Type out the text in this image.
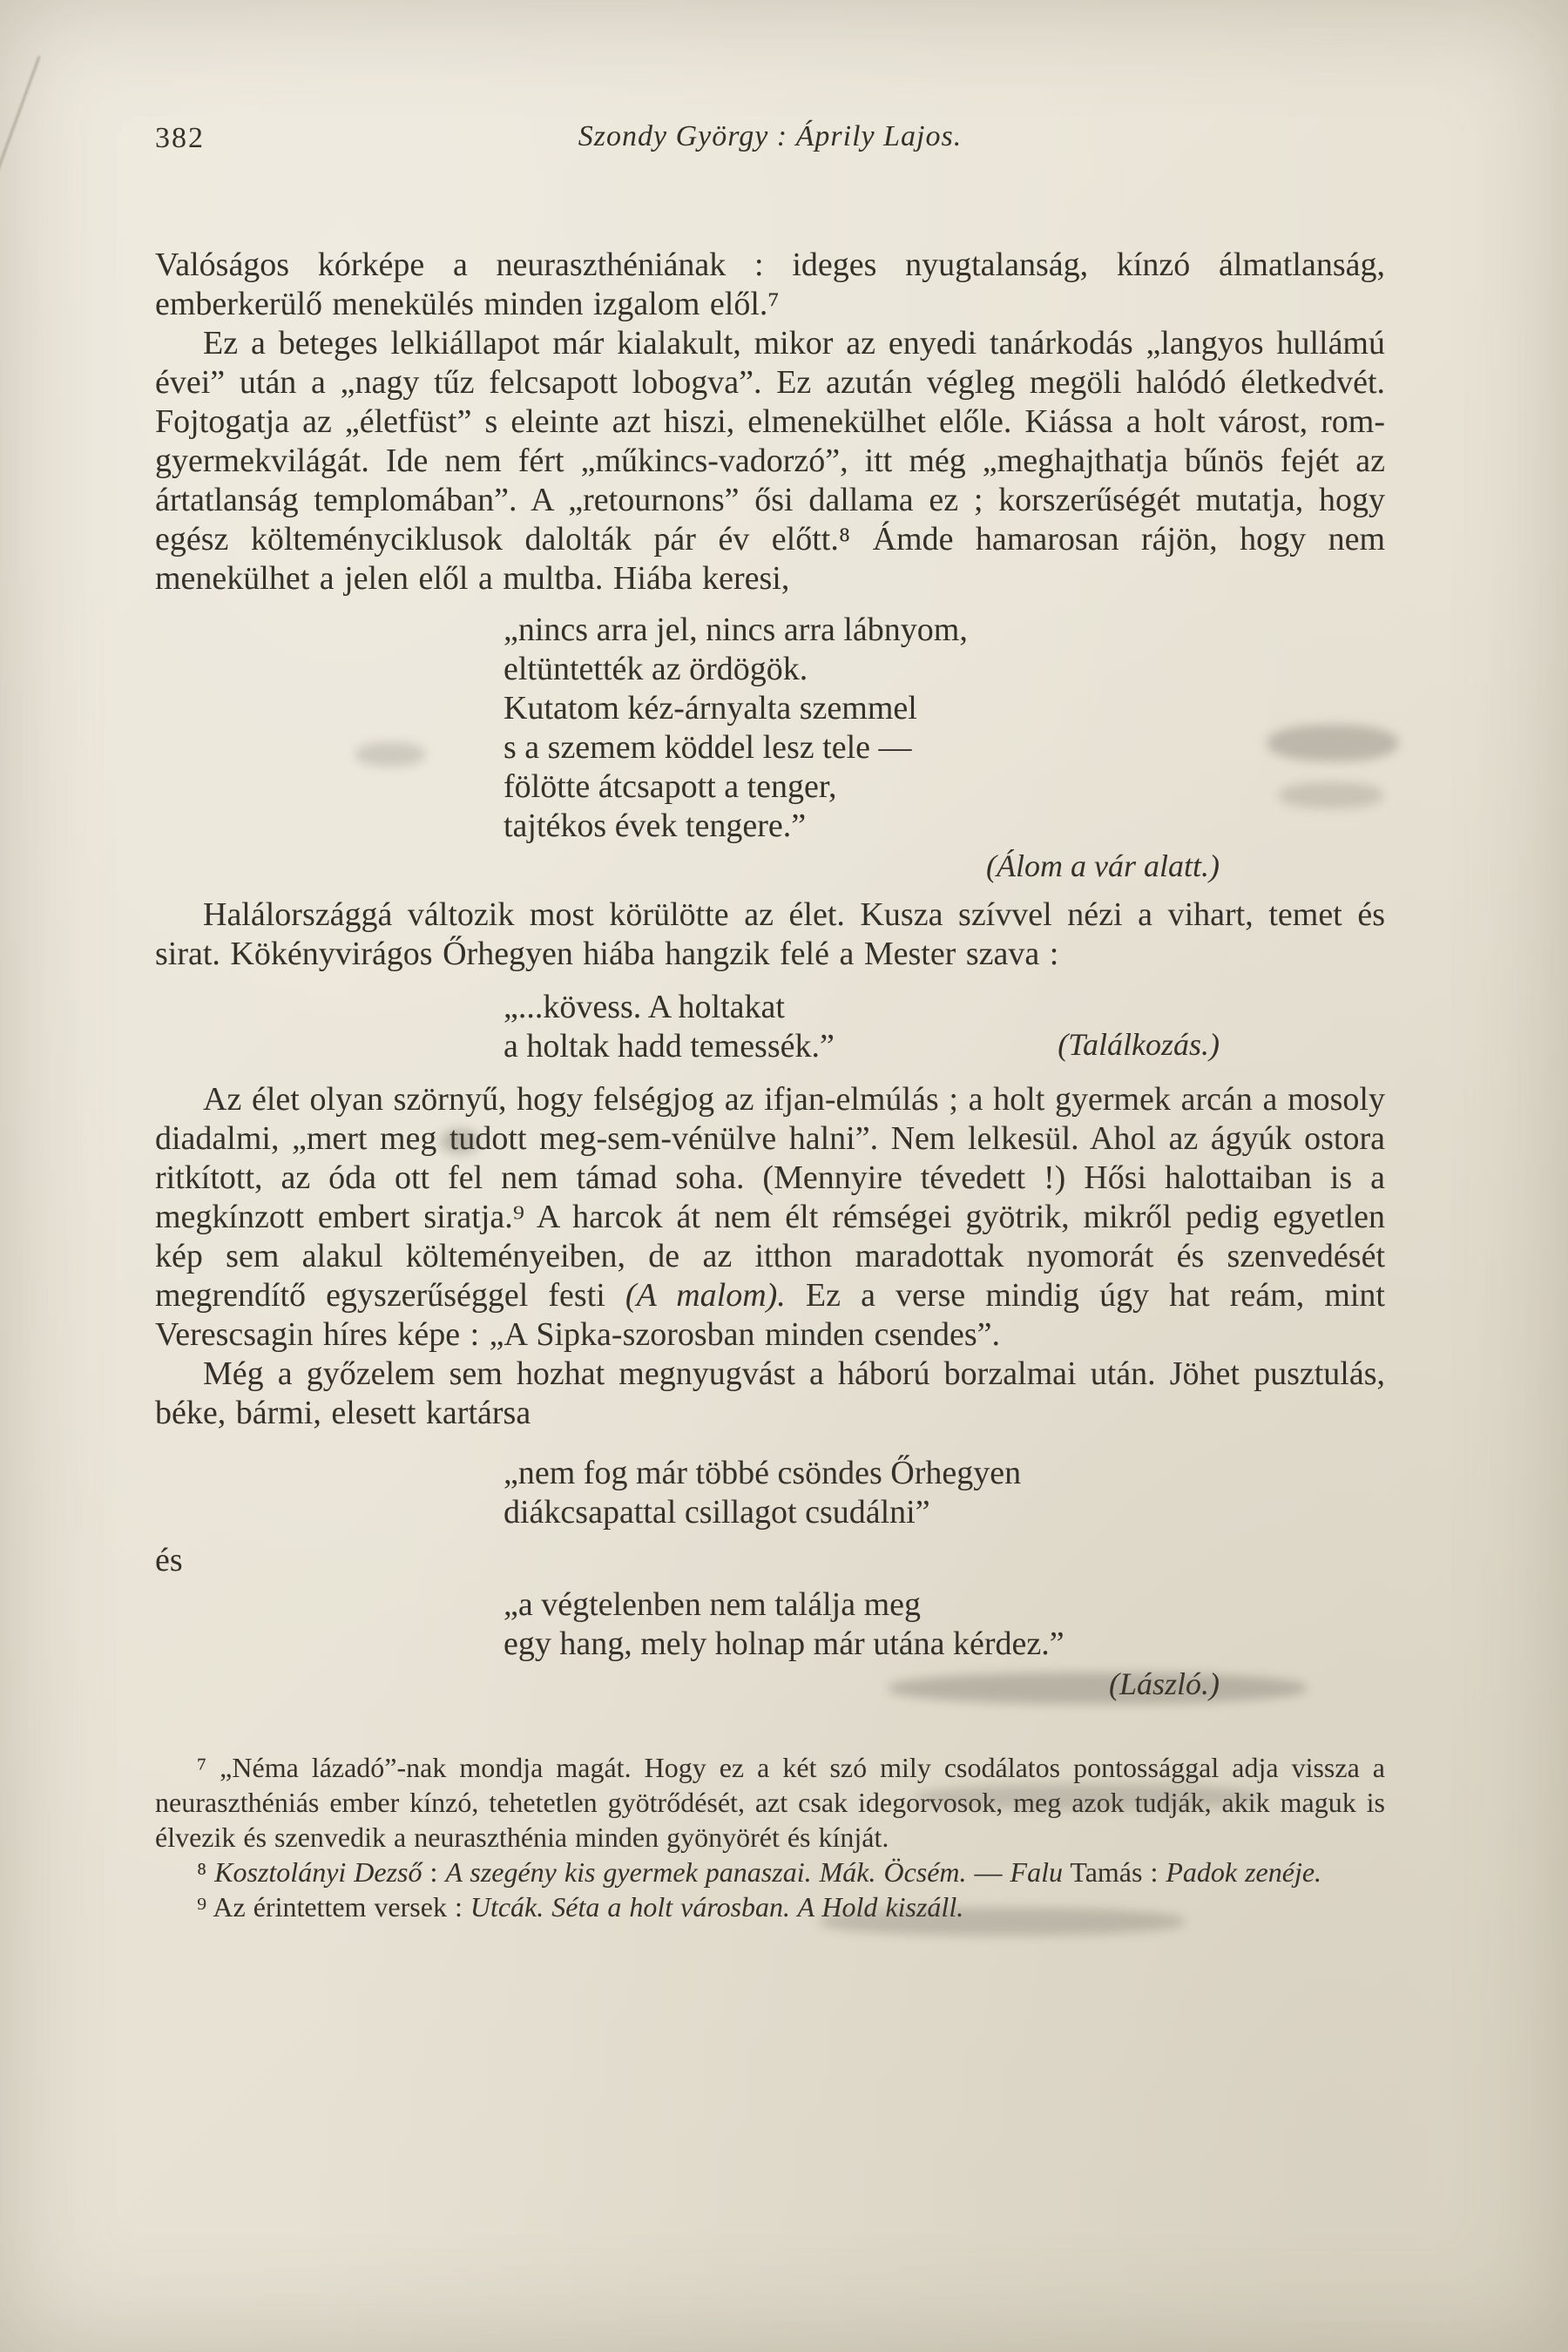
382	Szondy György : Áprily Lajos.

Valóságos kórképe a neuraszthéniának : ideges nyugtalanság, kínzó álmatlanság, emberkerülő menekülés minden izgalom elől.⁷

Ez a beteges lelkiállapot már kialakult, mikor az enyedi tanárkodás „langyos hullámú évei” után a „nagy tűz felcsapott lobogva”. Ez azután végleg megöli halódó életkedvét. Fojtogatja az „életfüst” s eleinte azt hiszi, elmenekülhet előle. Kiássa a holt várost, rom-gyermekvilágát. Ide nem fért „műkincs-vadorzó”, itt még „meghajthatja bűnös fejét az ártatlanság templomában”. A „retournons” ősi dallama ez ; korszerűségét mutatja, hogy egész költeményciklusok dalolták pár év előtt.⁸ Ámde hamarosan rájön, hogy nem menekülhet a jelen elől a multba. Hiába keresi,

„nincs arra jel, nincs arra lábnyom,
eltüntették az ördögök.
Kutatom kéz-árnyalta szemmel
s a szemem köddel lesz tele —
fölötte átcsapott a tenger,
tajtékos évek tengere.”
(Álom a vár alatt.)

Halálországgá változik most körülötte az élet. Kusza szívvel nézi a vihart, temet és sirat. Kökényvirágos Őrhegyen hiába hangzik felé a Mester szava :

„...kövess. A holtakat
a holtak hadd temessék.”	(Találkozás.)

Az élet olyan szörnyű, hogy felségjog az ifjan-elmúlás ; a holt gyermek arcán a mosoly diadalmi, „mert meg tudott meg-sem-vénülve halni”. Nem lelkesül. Ahol az ágyúk ostora ritkított, az óda ott fel nem támad soha. (Mennyire tévedett !) Hősi halottaiban is a megkínzott embert siratja.⁹ A harcok át nem élt rémségei gyötrik, mikről pedig egyetlen kép sem alakul költeményeiben, de az itthon maradottak nyomorát és szenvedését megrendítő egyszerűséggel festi (A malom). Ez a verse mindig úgy hat reám, mint Verescsagin híres képe : „A Sipka-szorosban minden csendes”.

Még a győzelem sem hozhat megnyugvást a háború borzalmai után. Jöhet pusztulás, béke, bármi, elesett kartársa

„nem fog már többé csöndes Őrhegyen
diákcsapattal csillagot csudálni”
és
„a végtelenben nem találja meg
egy hang, mely holnap már utána kérdez.”
(László.)

⁷ „Néma lázadó”-nak mondja magát. Hogy ez a két szó mily csodálatos pontossággal adja vissza a neuraszthéniás ember kínzó, tehetetlen gyötrődését, azt csak idegorvosok, meg azok tudják, akik maguk is élvezik és szenvedik a neuraszthénia minden gyönyörét és kínját.

⁸ Kosztolányi Dezső : A szegény kis gyermek panaszai. Mák. Öcsém. — Falu Tamás : Padok zenéje.

⁹ Az érintettem versek : Utcák. Séta a holt városban. A Hold kiszáll.
